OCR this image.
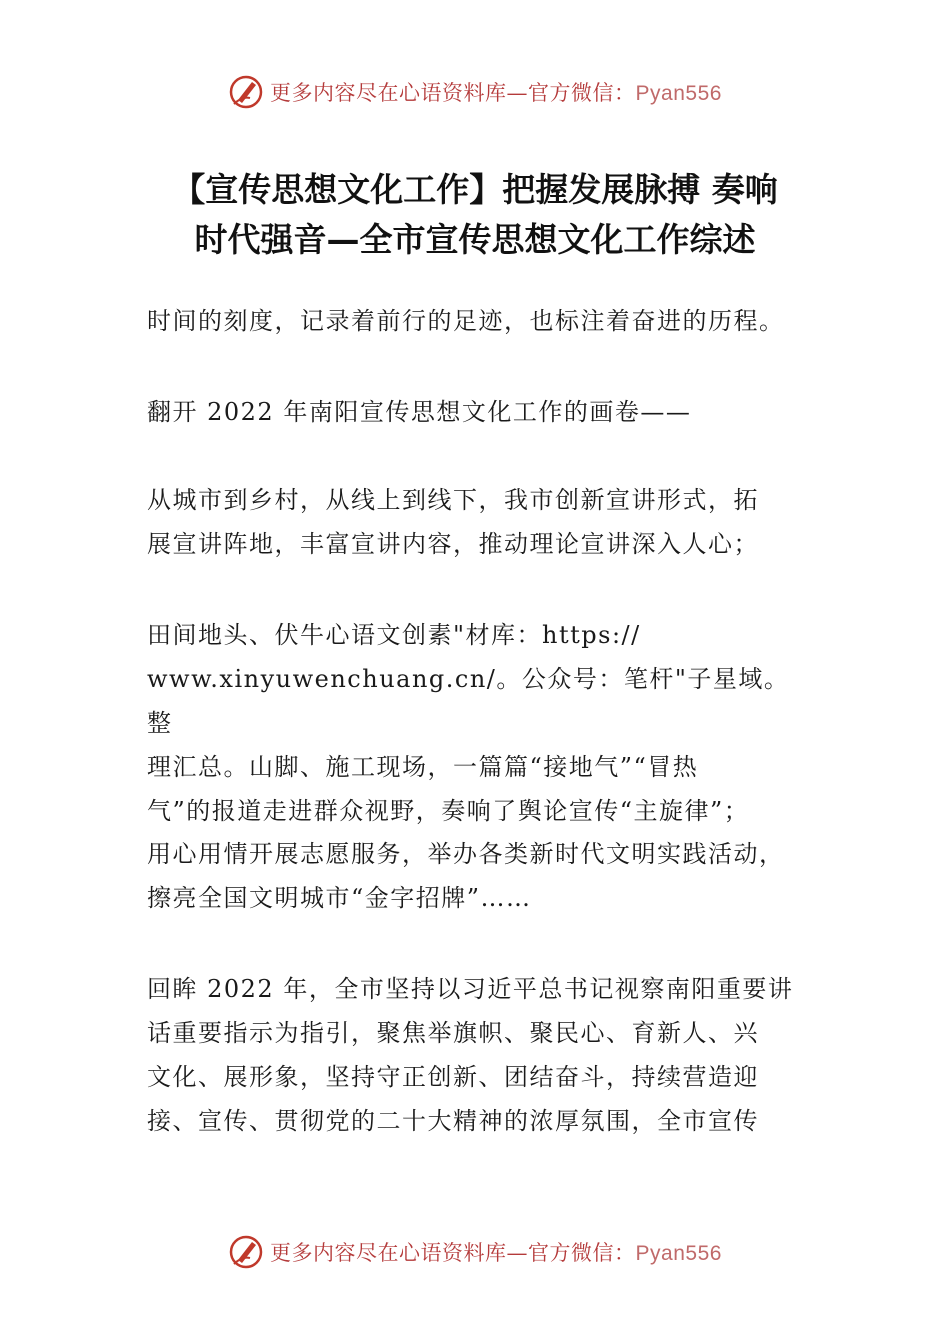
更多内容尽在心语资料库—官方微信：Pyan556
【宣传思想文化工作】把握发展脉搏 奏响
时代强音—全市宣传思想文化工作综述

时间的刻度，记录着前行的足迹，也标注着奋进的历程。

翻开 2022 年南阳宣传思想文化工作的画卷——

从城市到乡村，从线上到线下，我市创新宣讲形式，拓

展宣讲阵地，丰富宣讲内容，推动理论宣讲深入人心；

田间地头、伏牛心语文创素"材库：https://

www.xinyuwenchuang.cn/。公众号：笔杆"子星域。整

理汇总。山脚、施工现场，一篇篇“接地气”“冒热

气”的报道走进群众视野，奏响了舆论宣传“主旋律”；

用心用情开展志愿服务，举办各类新时代文明实践活动，

擦亮全国文明城市“金字招牌”……

回眸 2022 年，全市坚持以习近平总书记视察南阳重要讲

话重要指示为指引，聚焦举旗帜、聚民心、育新人、兴

文化、展形象，坚持守正创新、团结奋斗，持续营造迎

接、宣传、贯彻党的二十大精神的浓厚氛围，全市宣传

更多内容尽在心语资料库—官方微信：Pyan556
